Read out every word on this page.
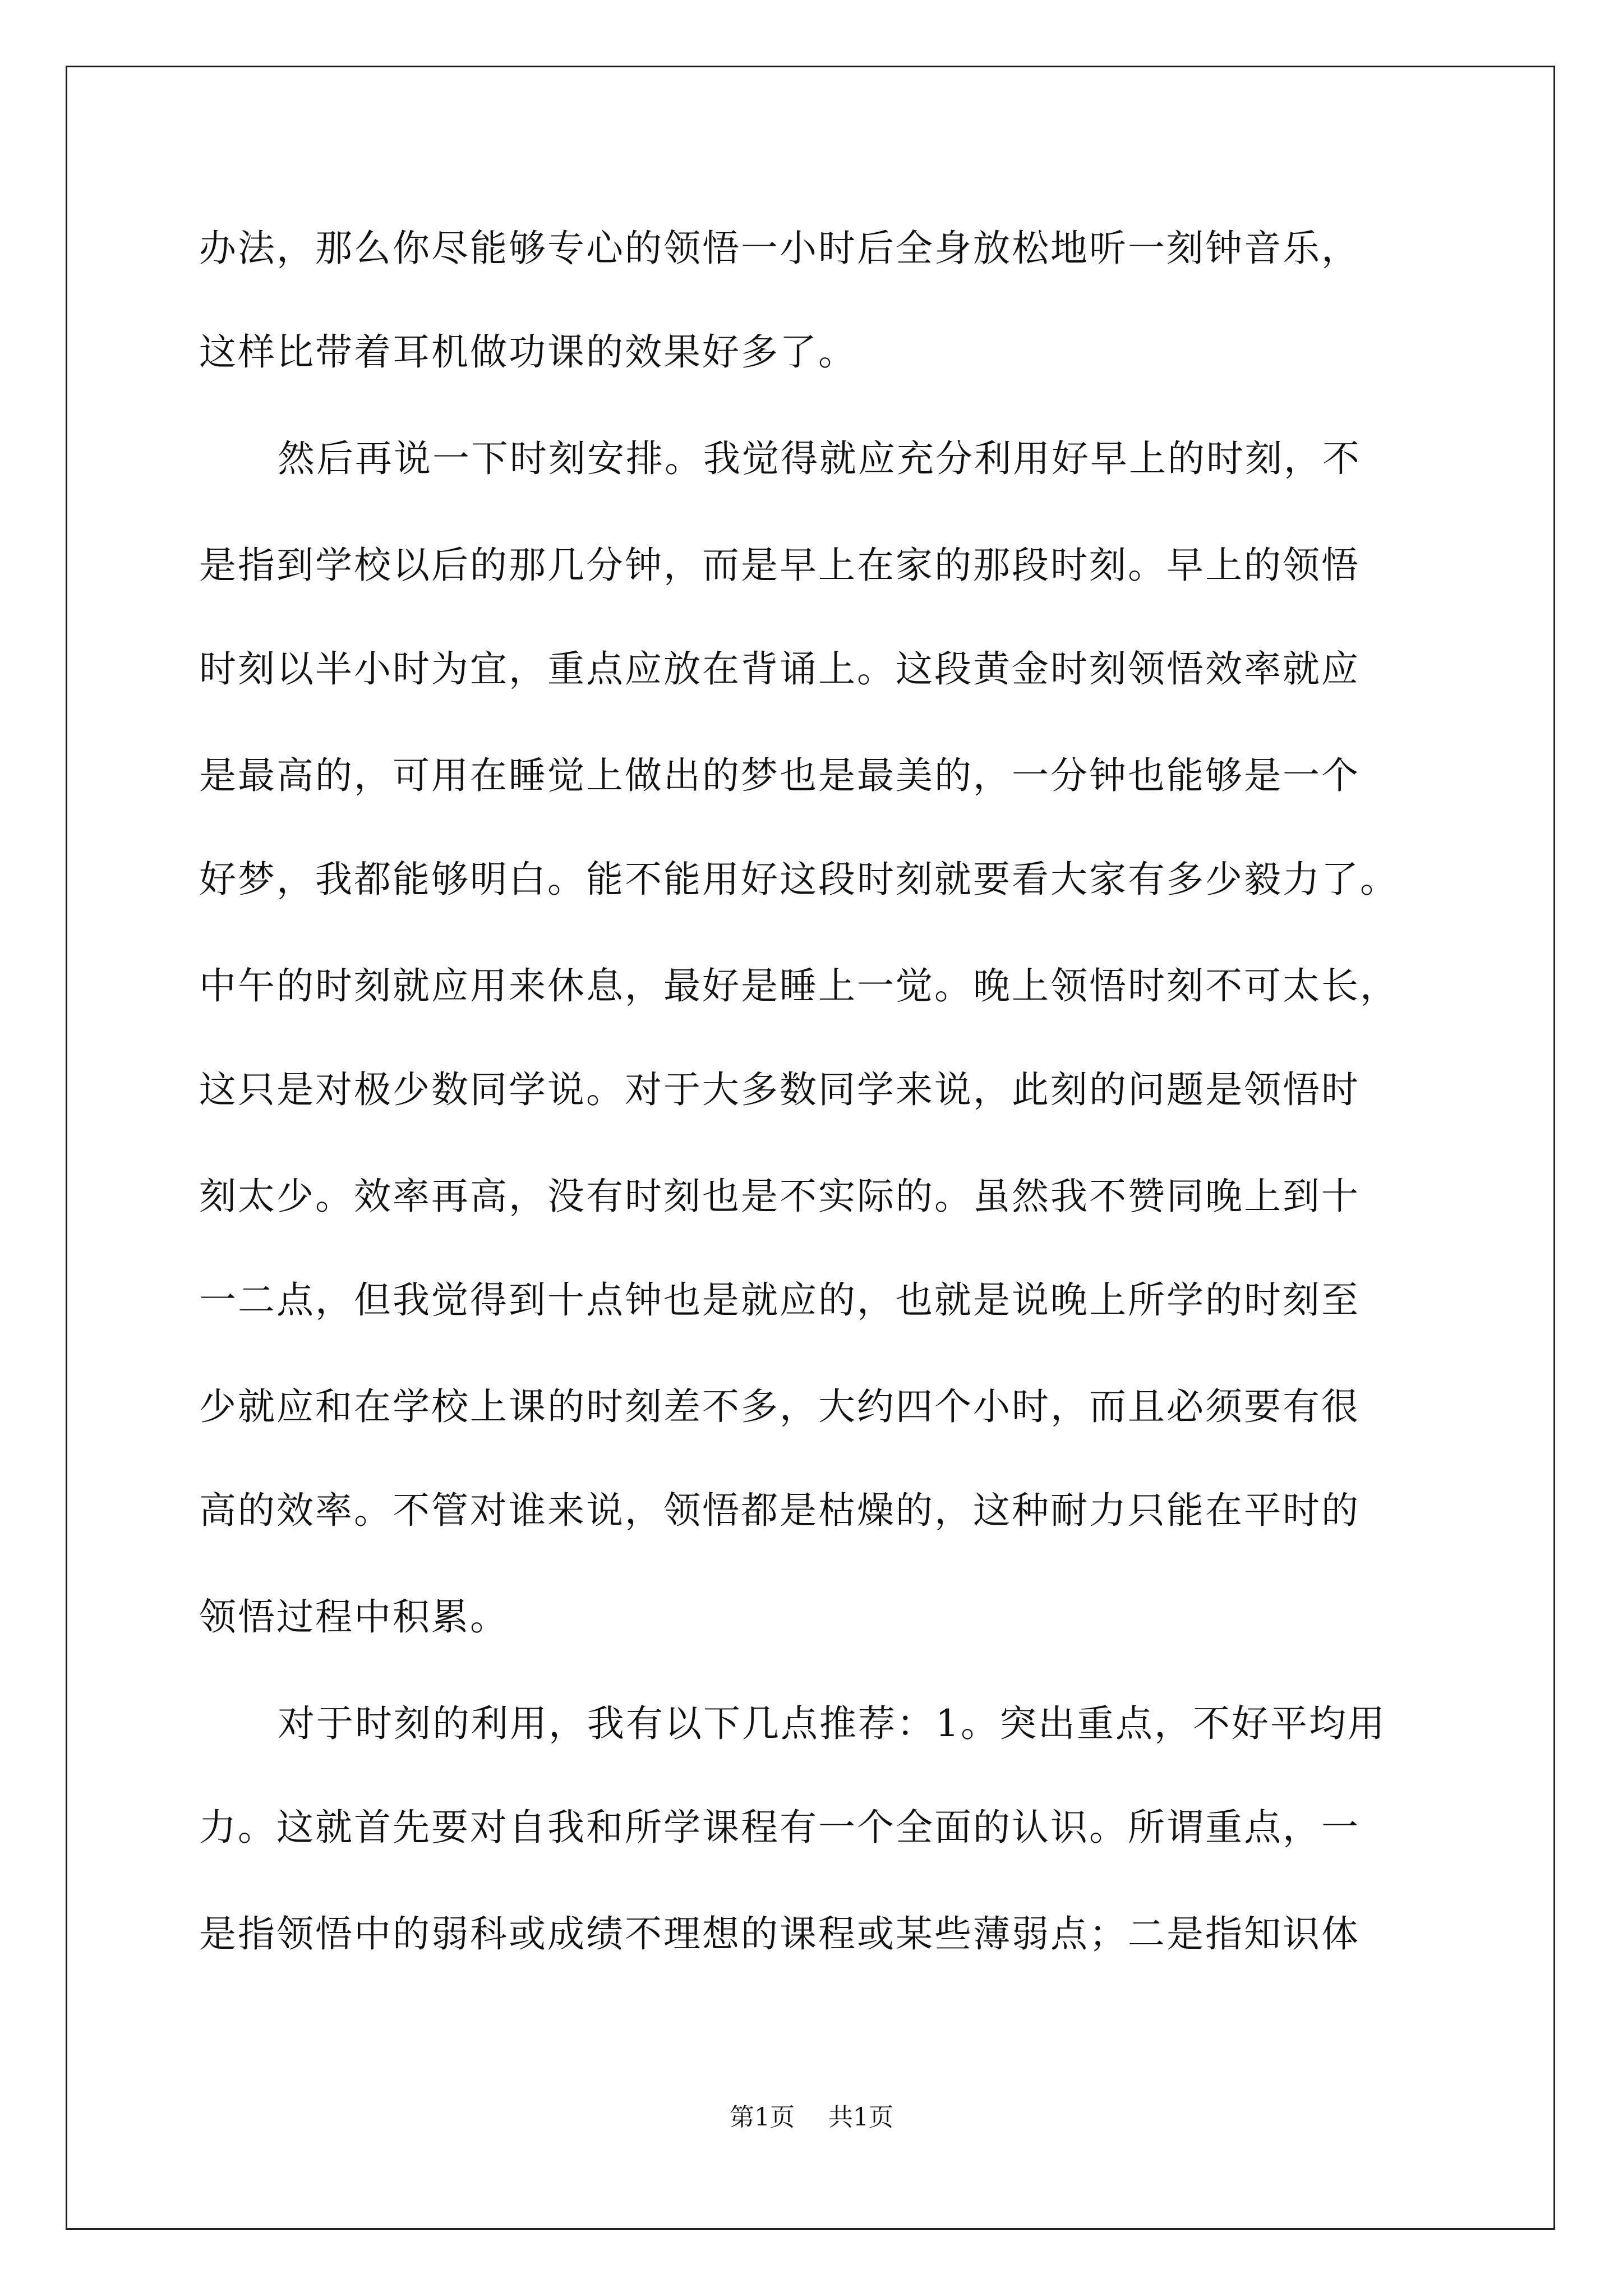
办法，那么你尽能够专心的领悟一小时后全身放松地听一刻钟音乐，
这样比带着耳机做功课的效果好多了。
然后再说一下时刻安排。我觉得就应充分利用好早上的时刻，不
是指到学校以后的那几分钟，而是早上在家的那段时刻。早上的领悟
时刻以半小时为宜，重点应放在背诵上。这段黄金时刻领悟效率就应
是最高的，可用在睡觉上做出的梦也是最美的，一分钟也能够是一个
好梦，我都能够明白。能不能用好这段时刻就要看大家有多少毅力了。
中午的时刻就应用来休息，最好是睡上一觉。晚上领悟时刻不可太长，
这只是对极少数同学说。对于大多数同学来说，此刻的问题是领悟时
刻太少。效率再高，没有时刻也是不实际的。虽然我不赞同晚上到十
一二点，但我觉得到十点钟也是就应的，也就是说晚上所学的时刻至
少就应和在学校上课的时刻差不多，大约四个小时，而且必须要有很
高的效率。不管对谁来说，领悟都是枯燥的，这种耐力只能在平时的
领悟过程中积累。
对于时刻的利用，我有以下几点推荐：1。突出重点，不好平均用
力。这就首先要对自我和所学课程有一个全面的认识。所谓重点，一
是指领悟中的弱科或成绩不理想的课程或某些薄弱点；二是指知识体
第1页 共1页
